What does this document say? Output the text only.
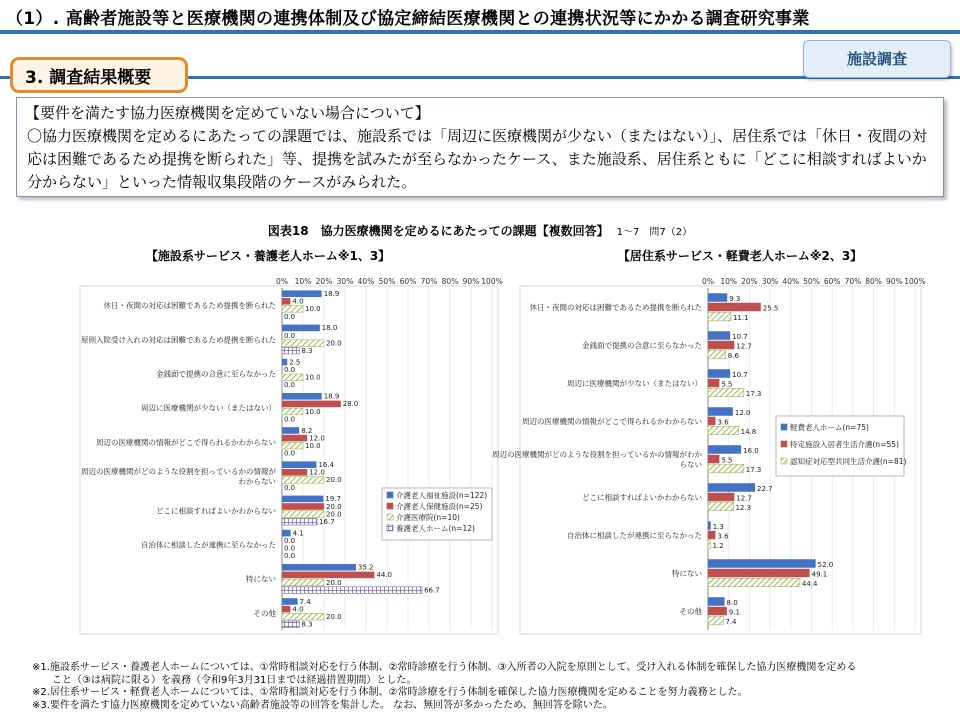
（1）. 高齢者施設等と医療機関の連携体制及び協定締結医療機関との連携状況等にかかる調査研究事業
施設調査
3. 調査結果概要
【要件を満たす協力医療機関を定めていない場合について】
〇協力医療機関を定めるにあたっての課題では、施設系では「周辺に医療機関が少ない（またはない）」、居住系では「休日・夜間の対応は困難であるため提携を断られた」等、提携を試みたが至らなかったケース、また施設系、居住系ともに「どこに相談すればよいか分からない」といった情報収集段階のケースがみられた。
図表18　協力医療機関を定めるにあたっての課題【複数回答】 1～7　問7（2）
【施設系サービス・養護老人ホーム※1、3】
0% 10% 20% 30% 40% 50% 60% 70% 80% 90% 100%
休日・夜間の対応は困難であるため提携を断られた
18.9
4.0
10.0
0.0
原則入院受け入れの対応は困難であるため提携を断られた
18.0
0.0
20.0
8.3
金銭面で提携の合意に至らなかった
2.5
0.0
10.0
0.0
周辺に医療機関が少ない（またはない）
18.9
28.0
10.0
0.0
周辺の医療機関の情報がどこで得られるかわからない
8.2
12.0
10.0
0.0
周辺の医療機関がどのような役割を担っているかの情報が
わからない
16.4
12.0
20.0
0.0
どこに相談すればよいかわからない
19.7
20.0
20.0
16.7
自治体に相談したが連携に至らなかった
4.1
0.0
0.0
0.0
特にない
35.2
44.0
20.0
66.7
その他
7.4
4.0
20.0
8.3
介護老人福祉施設(n=122)
介護老人保健施設(n=25)
介護医療院(n=10)
養護老人ホーム(n=12)
【居住系サービス・軽費老人ホーム※2、3】
0% 10% 20% 30% 40% 50% 60% 70% 80% 90% 100%
休日・夜間の対応は困難であるため提携を断られた
9.3
25.5
11.1
金銭面で提携の合意に至らなかった
10.7
12.7
8.6
周辺に医療機関が少ない（またはない）
10.7
5.5
17.3
周辺の医療機関の情報がどこで得られるかわからない
12.0
3.6
14.8
周辺の医療機関がどのような役割を担っているかの情報がわか
らない
16.0
5.5
17.3
どこに相談すればよいかわからない
22.7
12.7
12.3
自治体に相談したが連携に至らなかった
1.3
3.6
1.2
特にない
52.0
49.1
44.4
その他
8.0
9.1
7.4
軽費老人ホーム(n=75)
特定施設入居者生活介護(n=55)
認知症対応型共同生活介護(n=81)
※1.施設系サービス・養護老人ホームについては、①常時相談対応を行う体制、②常時診療を行う体制、③入所者の入院を原則として、受け入れる体制を確保した協力医療機関を定める
　　こと（③は病院に限る）を義務（令和9年3月31日までは経過措置期間）とした。
※2.居住系サービス・軽費老人ホームについては、①常時相談対応を行う体制、②常時診療を行う体制を確保した協力医療機関を定めることを努力義務とした。
※3.要件を満たす協力医療機関を定めていない高齢者施設等の回答を集計した。 なお、無回答が多かったため、無回答を除いた。
